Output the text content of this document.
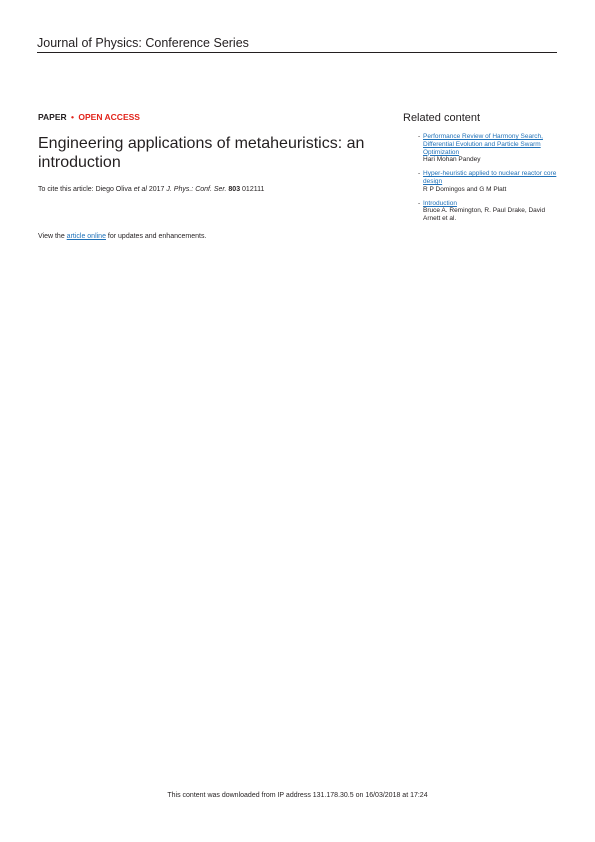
Journal of Physics: Conference Series
PAPER • OPEN ACCESS
Engineering applications of metaheuristics: an introduction
To cite this article: Diego Oliva et al 2017 J. Phys.: Conf. Ser. 803 012111
View the article online for updates and enhancements.
Related content
- Performance Review of Harmony Search, Differential Evolution and Particle Swarm Optimization
Hari Mohan Pandey
- Hyper-heuristic applied to nuclear reactor core design
R P Domingos and G M Platt
- Introduction
Bruce A. Remington, R. Paul Drake, David Arnett et al.
This content was downloaded from IP address 131.178.30.5 on 16/03/2018 at 17:24
